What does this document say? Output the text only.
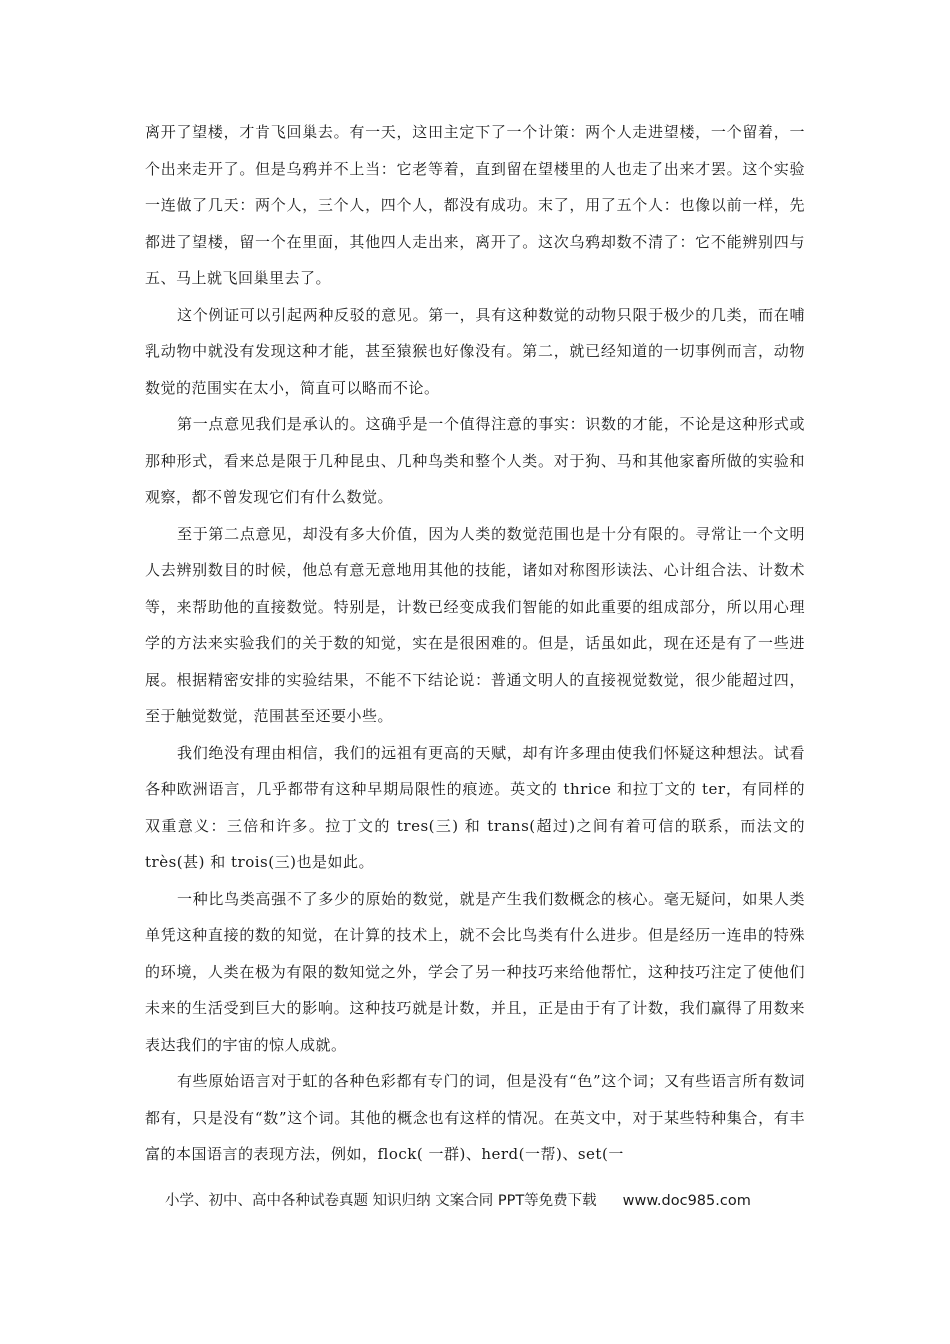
离开了望楼，才肯飞回巢去。有一天，这田主定下了一个计策：两个人走进望楼，一个留着，一个出来走开了。但是乌鸦并不上当：它老等着，直到留在望楼里的人也走了出来才罢。这个实验一连做了几天：两个人，三个人，四个人，都没有成功。末了，用了五个人：也像以前一样，先都进了望楼，留一个在里面，其他四人走出来，离开了。这次乌鸦却数不清了：它不能辨别四与五、马上就飞回巢里去了。

这个例证可以引起两种反驳的意见。第一，具有这种数觉的动物只限于极少的几类，而在哺乳动物中就没有发现这种才能，甚至猿猴也好像没有。第二，就已经知道的一切事例而言，动物数觉的范围实在太小，简直可以略而不论。

第一点意见我们是承认的。这确乎是一个值得注意的事实：识数的才能，不论是这种形式或那种形式，看来总是限于几种昆虫、几种鸟类和整个人类。对于狗、马和其他家畜所做的实验和观察，都不曾发现它们有什么数觉。

至于第二点意见，却没有多大价值，因为人类的数觉范围也是十分有限的。寻常让一个文明人去辨别数目的时候，他总有意无意地用其他的技能，诸如对称图形读法、心计组合法、计数术等，来帮助他的直接数觉。特别是，计数已经变成我们智能的如此重要的组成部分，所以用心理学的方法来实验我们的关于数的知觉，实在是很困难的。但是，话虽如此，现在还是有了一些进展。根据精密安排的实验结果，不能不下结论说：普通文明人的直接视觉数觉，很少能超过四，至于触觉数觉，范围甚至还要小些。

我们绝没有理由相信，我们的远祖有更高的天赋，却有许多理由使我们怀疑这种想法。试看各种欧洲语言，几乎都带有这种早期局限性的痕迹。英文的 thrice 和拉丁文的 ter，有同样的双重意义：三倍和许多。拉丁文的 tres(三) 和 trans(超过)之间有着可信的联系，而法文的 très(甚) 和 trois(三)也是如此。

一种比鸟类高强不了多少的原始的数觉，就是产生我们数概念的核心。毫无疑问，如果人类单凭这种直接的数的知觉，在计算的技术上，就不会比鸟类有什么进步。但是经历一连串的特殊的环境，人类在极为有限的数知觉之外，学会了另一种技巧来给他帮忙，这种技巧注定了使他们未来的生活受到巨大的影响。这种技巧就是计数，并且，正是由于有了计数，我们赢得了用数来表达我们的宇宙的惊人成就。

有些原始语言对于虹的各种色彩都有专门的词，但是没有“色”这个词；又有些语言所有数词都有，只是没有“数”这个词。其他的概念也有这样的情况。在英文中，对于某些特种集合，有丰富的本国语言的表现方法，例如，flock( 一群)、herd(一帮)、set(一

小学、初中、高中各种试卷真题 知识归纳 文案合同 PPT等免费下载 www.doc985.com
